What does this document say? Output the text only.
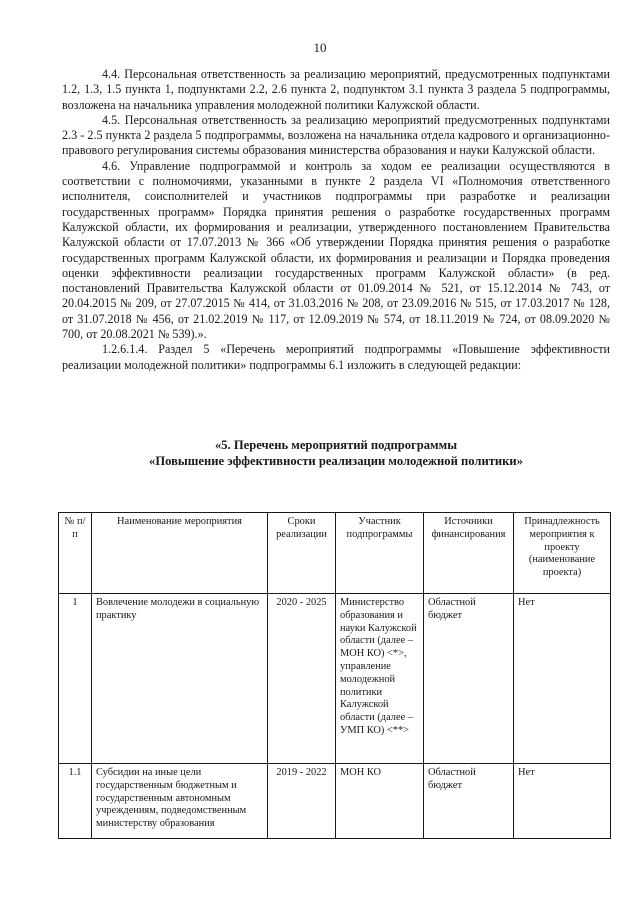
10

4.4. Персональная ответственность за реализацию мероприятий, предусмотренных подпунктами 1.2, 1.3, 1.5 пункта 1, подпунктами 2.2, 2.6 пункта 2, подпунктом 3.1 пункта 3 раздела 5 подпрограммы, возложена на начальника управления молодежной политики Калужской области.

4.5. Персональная ответственность за реализацию мероприятий предусмотренных подпунктами 2.3 - 2.5 пункта 2 раздела 5 подпрограммы, возложена на начальника отдела кадрового и организационно-правового регулирования системы образования министерства образования и науки Калужской области.

4.6. Управление подпрограммой и контроль за ходом ее реализации осуществляются в соответствии с полномочиями, указанными в пункте 2 раздела VI «Полномочия ответственного исполнителя, соисполнителей и участников подпрограммы при разработке и реализации государственных программ» Порядка принятия решения о разработке государственных программ Калужской области, их формирования и реализации, утвержденного постановлением Правительства Калужской области от 17.07.2013 № 366 «Об утверждении Порядка принятия решения о разработке государственных программ Калужской области, их формирования и реализации и Порядка проведения оценки эффективности реализации государственных программ Калужской области» (в ред. постановлений Правительства Калужской области от 01.09.2014 № 521, от 15.12.2014 № 743, от 20.04.2015 № 209, от 27.07.2015 № 414, от 31.03.2016 № 208, от 23.09.2016 № 515, от 17.03.2017 № 128, от 31.07.2018 № 456, от 21.02.2019 № 117, от 12.09.2019 № 574, от 18.11.2019 № 724, от 08.09.2020 № 700, от 20.08.2021 № 539).».

1.2.6.1.4. Раздел 5 «Перечень мероприятий подпрограммы «Повышение эффективности реализации молодежной политики» подпрограммы 6.1 изложить в следующей редакции:

«5. Перечень мероприятий подпрограммы
«Повышение эффективности реализации молодежной политики»
№ п/п	Наименование мероприятия	Сроки реализации	Участник подпрограммы	Источники финансирования	Принадлежность мероприятия к проекту (наименование проекта)
1	Вовлечение молодежи в социальную практику	2020 - 2025	Министерство образования и науки Калужской области (далее – МОН КО) <*>, управление молодежной политики Калужской области (далее – УМП КО) <**>	Областной бюджет	Нет
1.1	Субсидии на иные цели государственным бюджетным и государственным автономным учреждениям, подведомственным министерству образования	2019 - 2022	МОН КО	Областной бюджет	Нет
